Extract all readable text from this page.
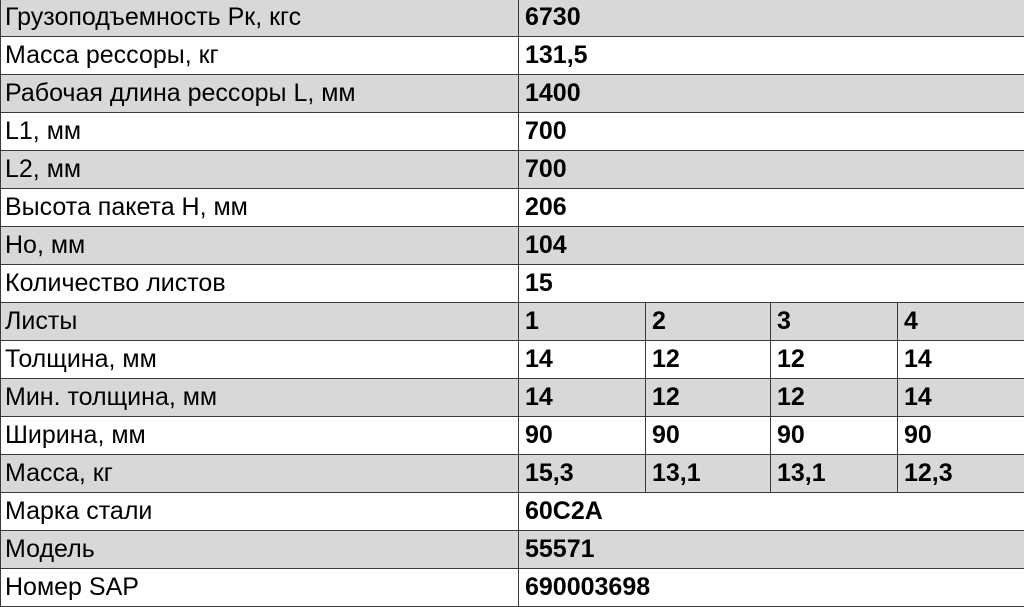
Грузоподъемность Рк, кгс	6730			
Масса рессоры, кг	131,5			
Рабочая длина рессоры L, мм	1400			
L1, мм	700			
L2, мм	700			
Высота пакета H, мм	206			
Hо, мм	104			
Количество листов	15			
Листы	1	2	3	4
Толщина, мм	14	12	12	14
Мин. толщина, мм	14	12	12	14
Ширина, мм	90	90	90	90
Масса, кг	15,3	13,1	13,1	12,3
Марка стали	60С2А			
Модель	55571			
Номер SAP	690003698			
